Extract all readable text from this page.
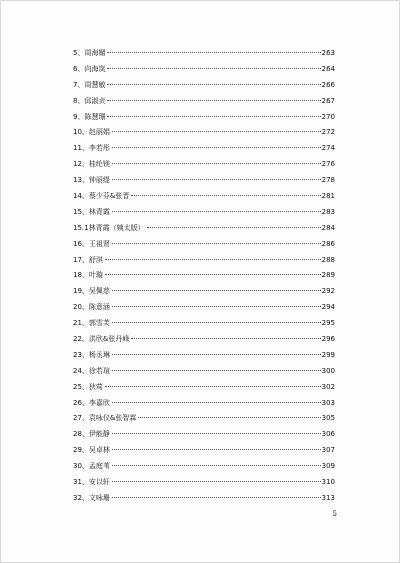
5、周海媚	263
6、向海岚	264
7、周慧敏	266
8、邱淑贞	267
9、陈慧珊	270
10、赵丽娟	272
11、李若彤	274
12、桂纶镁	276
13、钟丽缇	278
14、蔡少芬&张晋	281
15、林青霞	283
15.1林青霞（姨太版）	284
16、王祖贤	286
17、舒淇	288
18、叶璇	289
19、吴佩慈	292
20、陈意涵	294
21、郭雪芙	295
22、洪欣&张丹峰	296
23、杨丞琳	299
24、徐若瑄	300
25、狄莺	302
26、李嘉欣	303
27、袁咏仪&张智霖	305
28、伊能静	306
29、吴卓林	307
30、孟庭苇	309
31、安以轩	310
32、文咏珊	313
5
